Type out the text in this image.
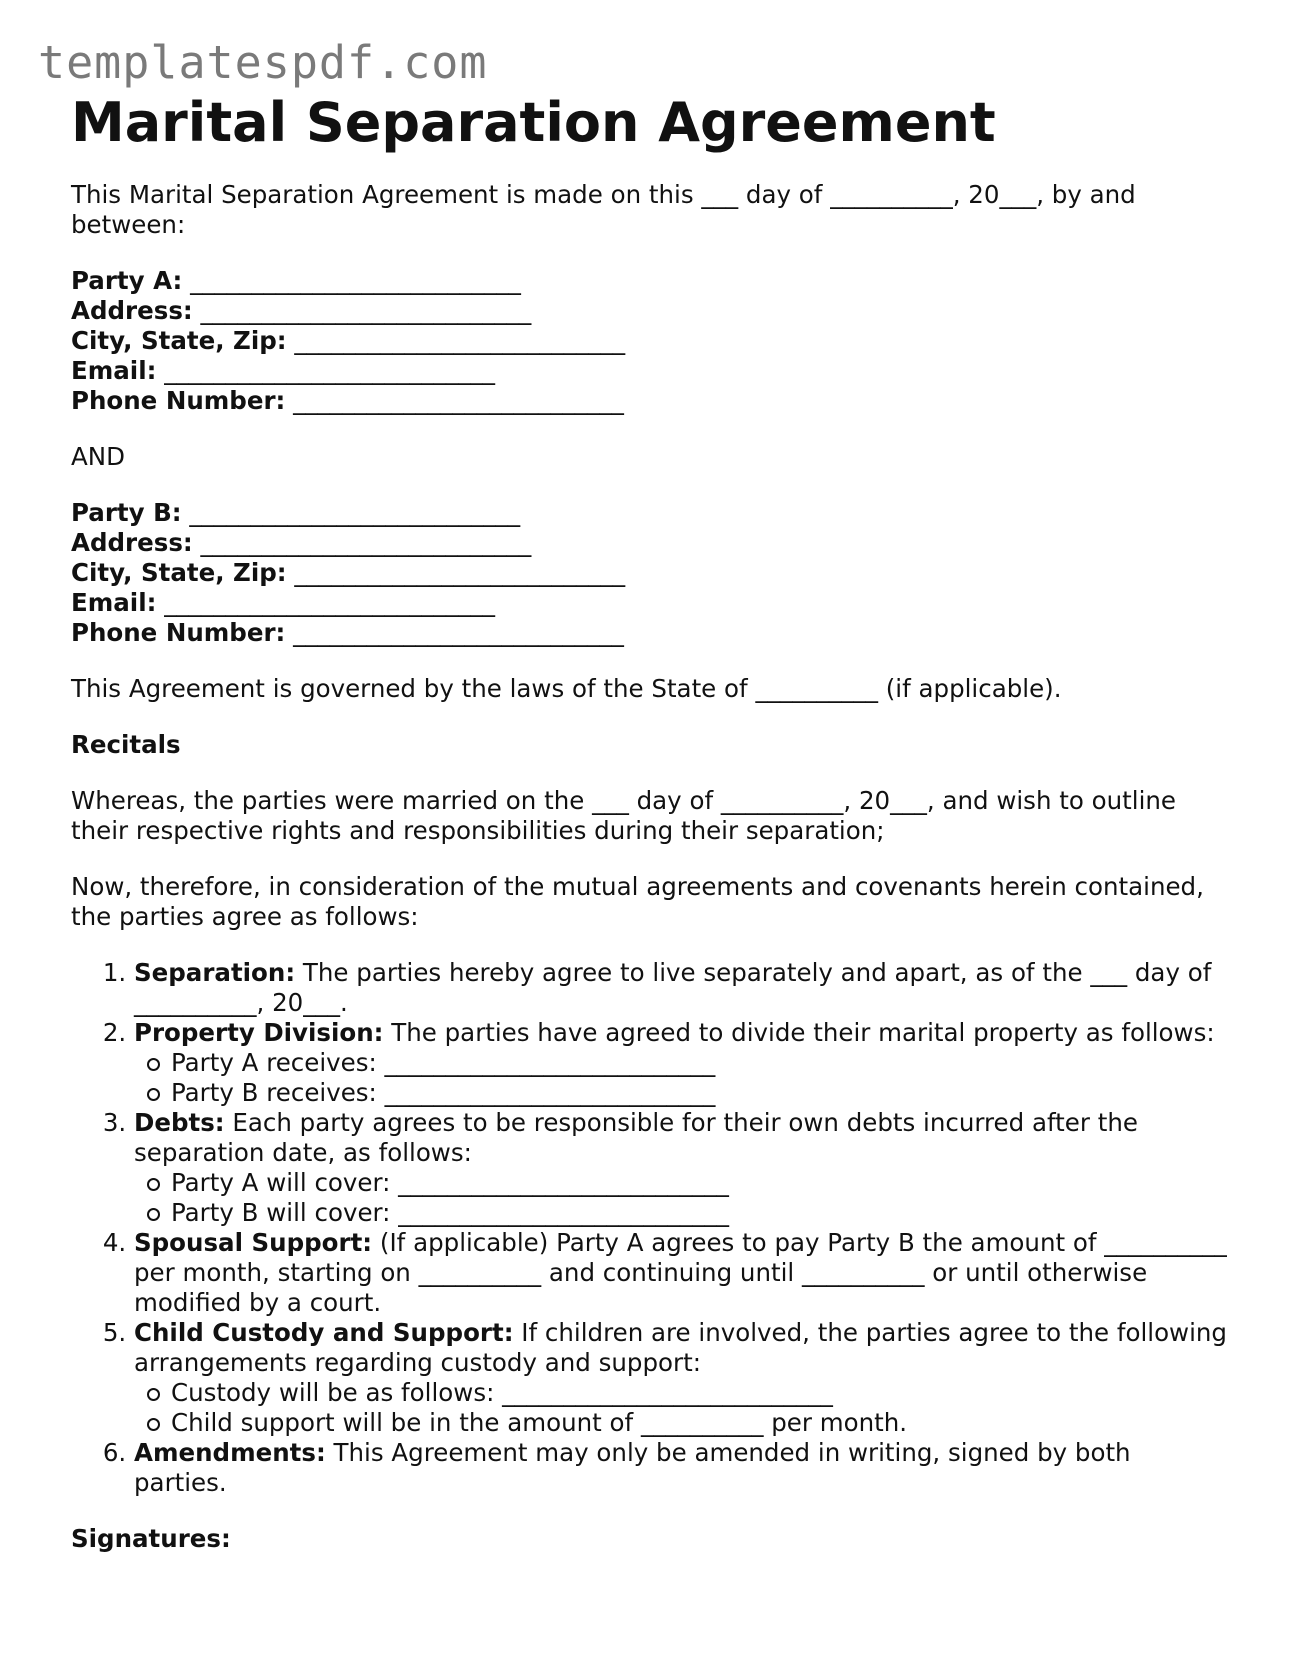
templatespdf.com
Marital Separation Agreement

This Marital Separation Agreement is made on this ___ day of __________, 20___, by and between:

Party A: ___________________________
Address: ___________________________
City, State, Zip: ___________________________
Email: ___________________________
Phone Number: ___________________________

AND

Party B: ___________________________
Address: ___________________________
City, State, Zip: ___________________________
Email: ___________________________
Phone Number: ___________________________

This Agreement is governed by the laws of the State of __________ (if applicable).

Recitals

Whereas, the parties were married on the ___ day of __________, 20___, and wish to outline their respective rights and responsibilities during their separation;

Now, therefore, in consideration of the mutual agreements and covenants herein contained, the parties agree as follows:

1. Separation: The parties hereby agree to live separately and apart, as of the ___ day of __________, 20___.
2. Property Division: The parties have agreed to divide their marital property as follows:
Party A receives: ___________________________
Party B receives: ___________________________
3. Debts: Each party agrees to be responsible for their own debts incurred after the separation date, as follows:
Party A will cover: ___________________________
Party B will cover: ___________________________
4. Spousal Support: (If applicable) Party A agrees to pay Party B the amount of __________ per month, starting on __________ and continuing until __________ or until otherwise modified by a court.
5. Child Custody and Support: If children are involved, the parties agree to the following arrangements regarding custody and support:
Custody will be as follows: ___________________________
Child support will be in the amount of __________ per month.
6. Amendments: This Agreement may only be amended in writing, signed by both parties.

Signatures:
